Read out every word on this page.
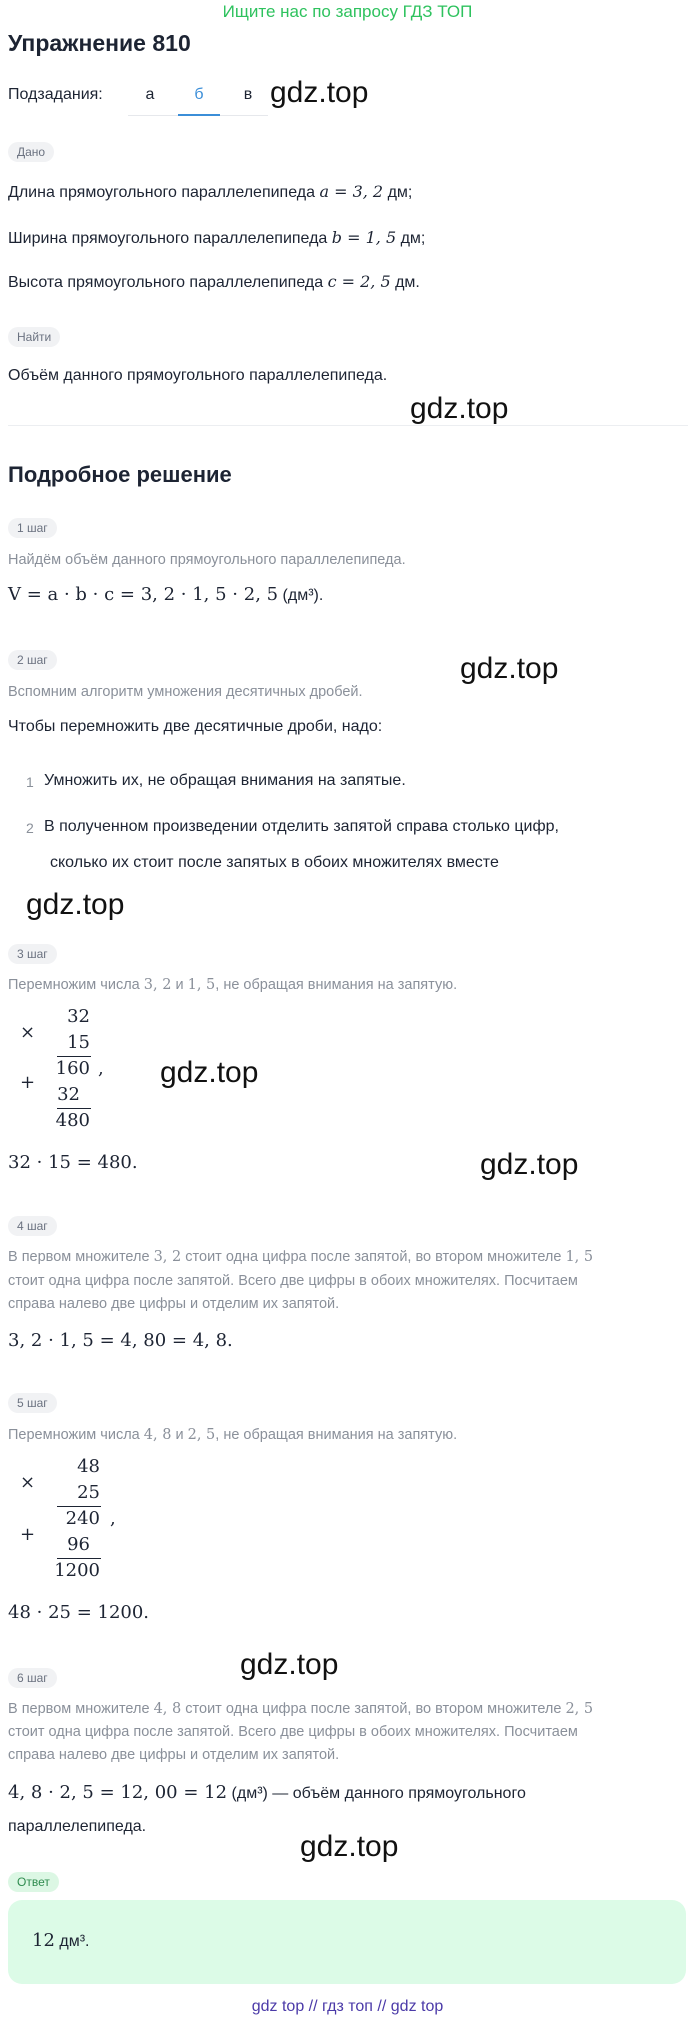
Ищите нас по запросу ГДЗ ТОП
Упражнение 810
Подзадания:	а	б	в gdz.top
Дано
Длина прямоугольного параллелепипеда a = 3, 2 дм;
Ширина прямоугольного параллелепипеда b = 1, 5 дм;
Высота прямоугольного параллелепипеда c = 2, 5 дм.
Найти
Объём данного прямоугольного параллелепипеда.
gdz.top
Подробное решение
1 шаг
Найдём объём данного прямоугольного параллелепипеда.
V = a · b · c = 3, 2 · 1, 5 · 2, 5 (дм³).
2 шаг	gdz.top
Вспомним алгоритм умножения десятичных дробей.
Чтобы перемножить две десятичные дроби, надо:
1 Умножить их, не обращая внимания на запятые.
2 В полученном произведении отделить запятой справа столько цифр,
сколько их стоит после запятых в обоих множителях вместе
gdz.top
3 шаг
Перемножим числа 3, 2 и 1, 5, не обращая внимания на запятую.
×
+
32
15
160
32
480
, gdz.top
32 · 15 = 480.	gdz.top
4 шаг
В первом множителе 3, 2 стоит одна цифра после запятой, во втором множителе 1, 5
стоит одна цифра после запятой. Всего две цифры в обоих множителях. Посчитаем
справа налево две цифры и отделим их запятой.
3, 2 · 1, 5 = 4, 80 = 4, 8.
5 шаг
Перемножим числа 4, 8 и 2, 5, не обращая внимания на запятую.
×
+
48
25
240
96
1200
,
48 · 25 = 1200.
gdz.top
6 шаг
В первом множителе 4, 8 стоит одна цифра после запятой, во втором множителе 2, 5
стоит одна цифра после запятой. Всего две цифры в обоих множителях. Посчитаем
справа налево две цифры и отделим их запятой.
4, 8 · 2, 5 = 12, 00 = 12 (дм³) — объём данного прямоугольного
параллелепипеда.
gdz.top
Ответ
12 дм³.
gdz top // гдз топ // gdz top
